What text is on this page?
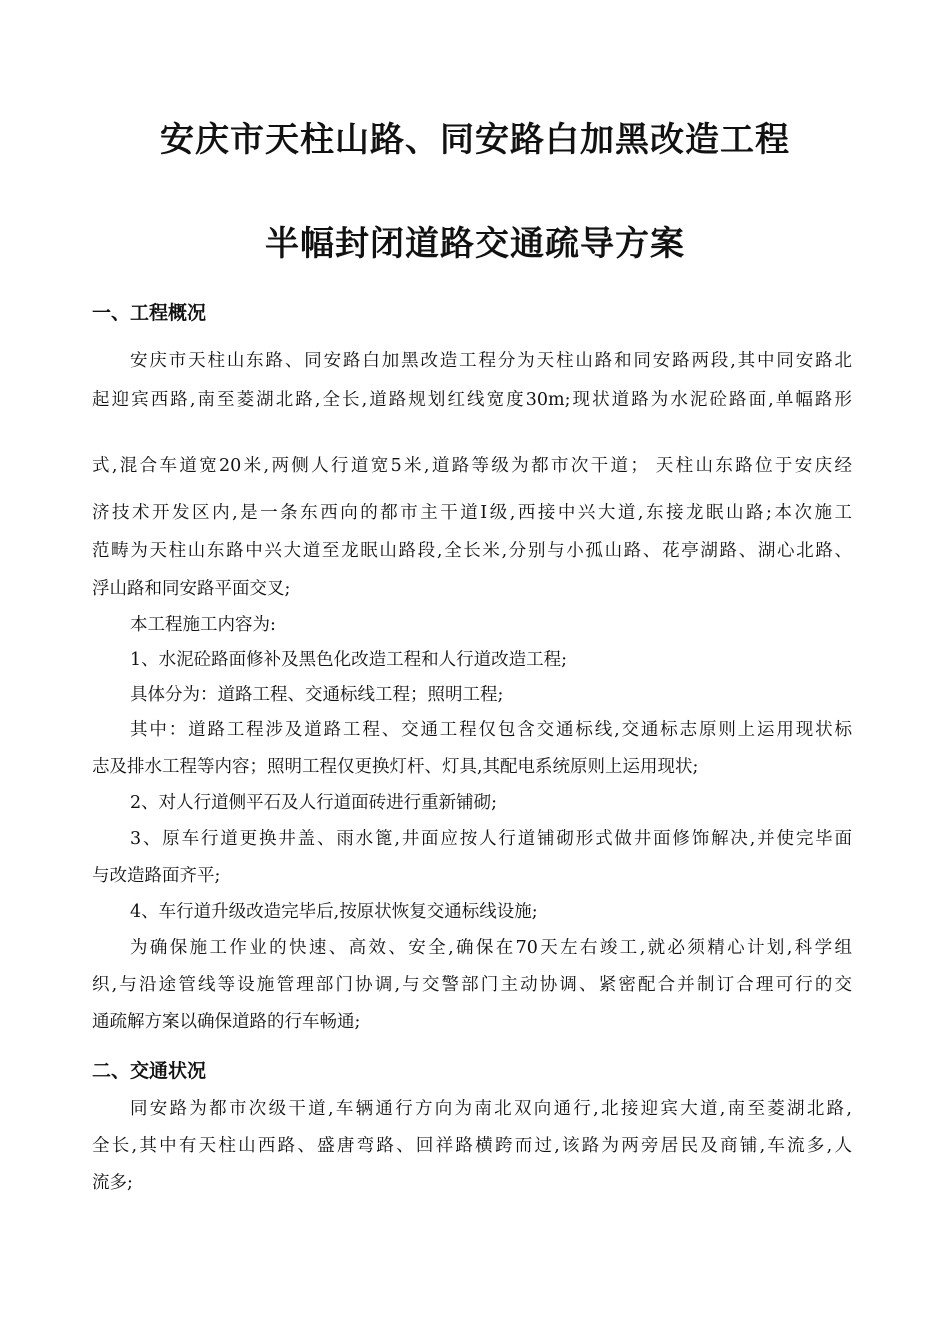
安庆市天柱山路、同安路白加黑改造工程
半幅封闭道路交通疏导方案
一、工程概况

安庆市天柱山东路、同安路白加黑改造工程分为天柱山路和同安路两段,其中同安路北

起迎宾西路,南至菱湖北路,全长,道路规划红线宽度30m;现状道路为水泥砼路面,单幅路形

式,混合车道宽20米,两侧人行道宽5米,道路等级为都市次干道； 天柱山东路位于安庆经

济技术开发区内,是一条东西向的都市主干道Ⅰ级,西接中兴大道,东接龙眠山路;本次施工

范畴为天柱山东路中兴大道至龙眠山路段,全长米,分别与小孤山路、花亭湖路、湖心北路、

浮山路和同安路平面交叉;

本工程施工内容为:

1、水泥砼路面修补及黑色化改造工程和人行道改造工程;

具体分为：道路工程、交通标线工程；照明工程;

其中：道路工程涉及道路工程、交通工程仅包含交通标线,交通标志原则上运用现状标

志及排水工程等内容；照明工程仅更换灯杆、灯具,其配电系统原则上运用现状;

2、对人行道侧平石及人行道面砖进行重新铺砌;

3、原车行道更换井盖、雨水篦,井面应按人行道铺砌形式做井面修饰解决,并使完毕面

与改造路面齐平;

4、车行道升级改造完毕后,按原状恢复交通标线设施;

为确保施工作业的快速、高效、安全,确保在70天左右竣工,就必须精心计划,科学组

织,与沿途管线等设施管理部门协调,与交警部门主动协调、紧密配合并制订合理可行的交

通疏解方案以确保道路的行车畅通;

二、交通状况

同安路为都市次级干道,车辆通行方向为南北双向通行,北接迎宾大道,南至菱湖北路,

全长,其中有天柱山西路、盛唐弯路、回祥路横跨而过,该路为两旁居民及商铺,车流多,人

流多;
